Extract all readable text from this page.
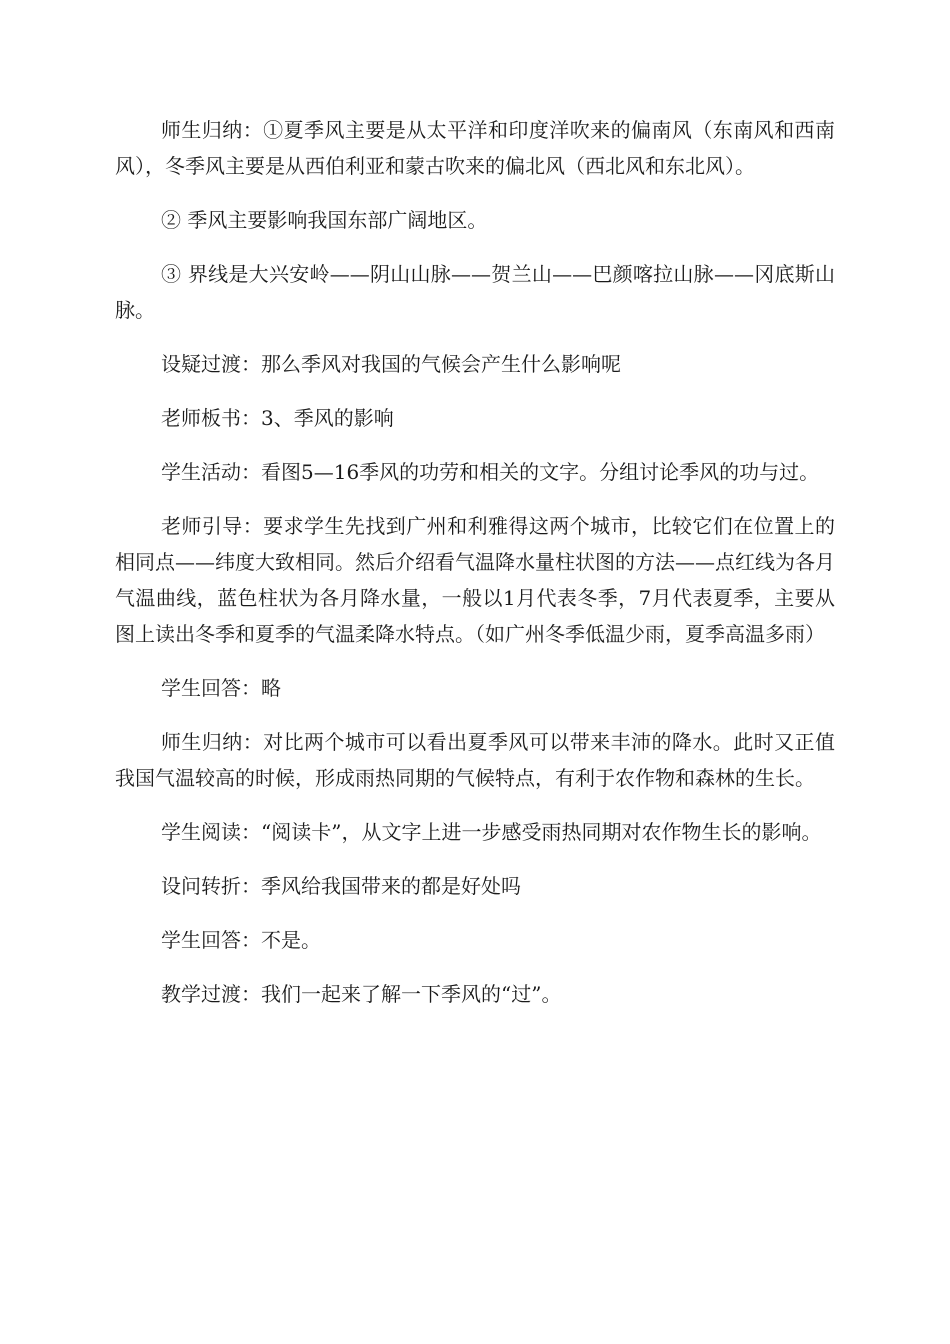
师生归纳：①夏季风主要是从太平洋和印度洋吹来的偏南风（东南风和西南风），冬季风主要是从西伯利亚和蒙古吹来的偏北风（西北风和东北风）。

② 季风主要影响我国东部广阔地区。

③ 界线是大兴安岭——阴山山脉——贺兰山——巴颜喀拉山脉——冈底斯山脉。

设疑过渡：那么季风对我国的气候会产生什么影响呢

老师板书：3、季风的影响

学生活动：看图5—16季风的功劳和相关的文字。分组讨论季风的功与过。

老师引导：要求学生先找到广州和利雅得这两个城市，比较它们在位置上的相同点——纬度大致相同。然后介绍看气温降水量柱状图的方法——点红线为各月气温曲线，蓝色柱状为各月降水量，一般以1月代表冬季，7月代表夏季，主要从图上读出冬季和夏季的气温柔降水特点。（如广州冬季低温少雨，夏季高温多雨）

学生回答：略

师生归纳：对比两个城市可以看出夏季风可以带来丰沛的降水。此时又正值我国气温较高的时候，形成雨热同期的气候特点，有利于农作物和森林的生长。

学生阅读：“阅读卡”，从文字上进一步感受雨热同期对农作物生长的影响。

设问转折：季风给我国带来的都是好处吗

学生回答：不是。

教学过渡：我们一起来了解一下季风的“过”。
